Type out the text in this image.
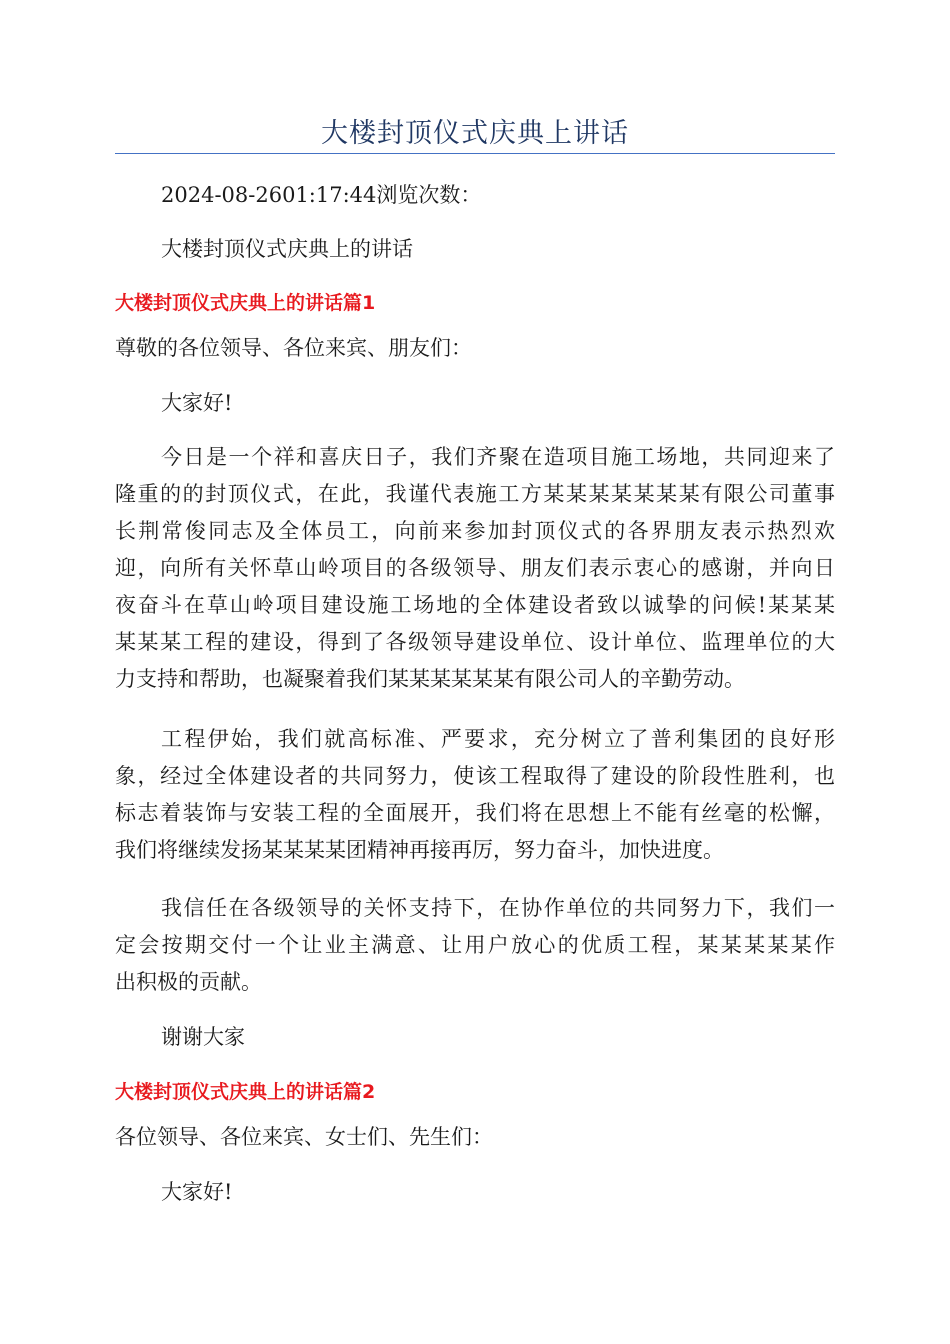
大楼封顶仪式庆典上讲话
2024-08-2601:17:44浏览次数：
大楼封顶仪式庆典上的讲话
大楼封顶仪式庆典上的讲话篇1
尊敬的各位领导、各位来宾、朋友们：
大家好!
今日是一个祥和喜庆日子，我们齐聚在造项目施工场地，共同迎来了
隆重的的封顶仪式，在此，我谨代表施工方某某某某某某某有限公司董事
长荆常俊同志及全体员工，向前来参加封顶仪式的各界朋友表示热烈欢
迎，向所有关怀草山岭项目的各级领导、朋友们表示衷心的感谢，并向日
夜奋斗在草山岭项目建设施工场地的全体建设者致以诚挚的问候!某某某
某某某工程的建设，得到了各级领导建设单位、设计单位、监理单位的大
力支持和帮助，也凝聚着我们某某某某某某有限公司人的辛勤劳动。
工程伊始，我们就高标准、严要求，充分树立了普利集团的良好形
象，经过全体建设者的共同努力，使该工程取得了建设的阶段性胜利，也
标志着装饰与安装工程的全面展开，我们将在思想上不能有丝毫的松懈，
我们将继续发扬某某某某团精神再接再厉，努力奋斗，加快进度。
我信任在各级领导的关怀支持下，在协作单位的共同努力下，我们一
定会按期交付一个让业主满意、让用户放心的优质工程，某某某某某作
出积极的贡献。
谢谢大家
大楼封顶仪式庆典上的讲话篇2
各位领导、各位来宾、女士们、先生们：
大家好!
